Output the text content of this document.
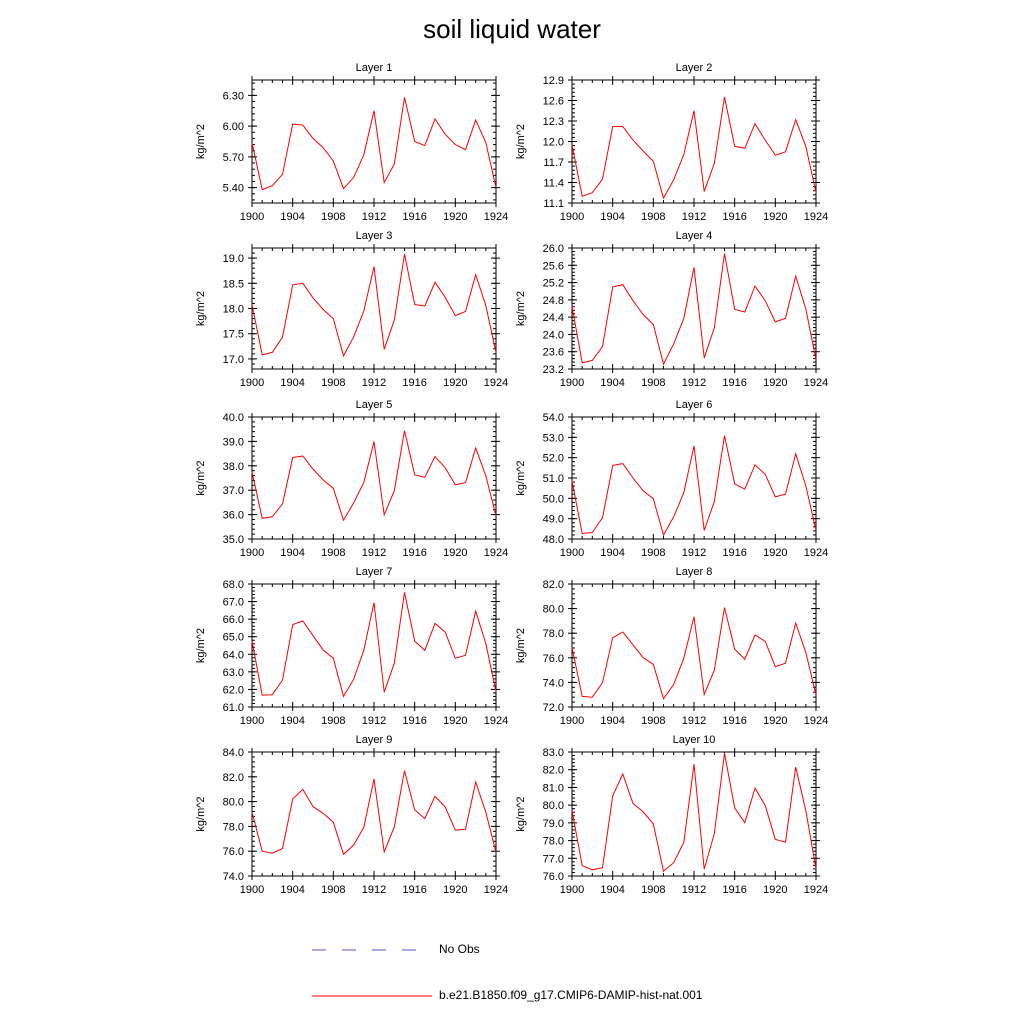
soil liquid water
Layer 1
1900 1904 1908 1912 1916 1920 1924
5.40
5.70
6.00
6.30
kg/m^2
Layer 2
1900 1904 1908 1912 1916 1920 1924
11.1
11.4
11.7
12.0
12.3
12.6
12.9
kg/m^2
Layer 3
1900 1904 1908 1912 1916 1920 1924
17.0
17.5
18.0
18.5
19.0
kg/m^2
Layer 4
1900 1904 1908 1912 1916 1920 1924
23.2
23.6
24.0
24.4
24.8
25.2
25.6
26.0
kg/m^2
Layer 5
1900 1904 1908 1912 1916 1920 1924
35.0
36.0
37.0
38.0
39.0
40.0
kg/m^2
Layer 6
1900 1904 1908 1912 1916 1920 1924
48.0
49.0
50.0
51.0
52.0
53.0
54.0
kg/m^2
Layer 7
1900 1904 1908 1912 1916 1920 1924
61.0
62.0
63.0
64.0
65.0
66.0
67.0
68.0
kg/m^2
Layer 8
1900 1904 1908 1912 1916 1920 1924
72.0
74.0
76.0
78.0
80.0
82.0
kg/m^2
Layer 9
1900 1904 1908 1912 1916 1920 1924
74.0
76.0
78.0
80.0
82.0
84.0
kg/m^2
Layer 10
1900 1904 1908 1912 1916 1920 1924
76.0
77.0
78.0
79.0
80.0
81.0
82.0
83.0
kg/m^2
No Obs
b.e21.B1850.f09_g17.CMIP6-DAMIP-hist-nat.001
